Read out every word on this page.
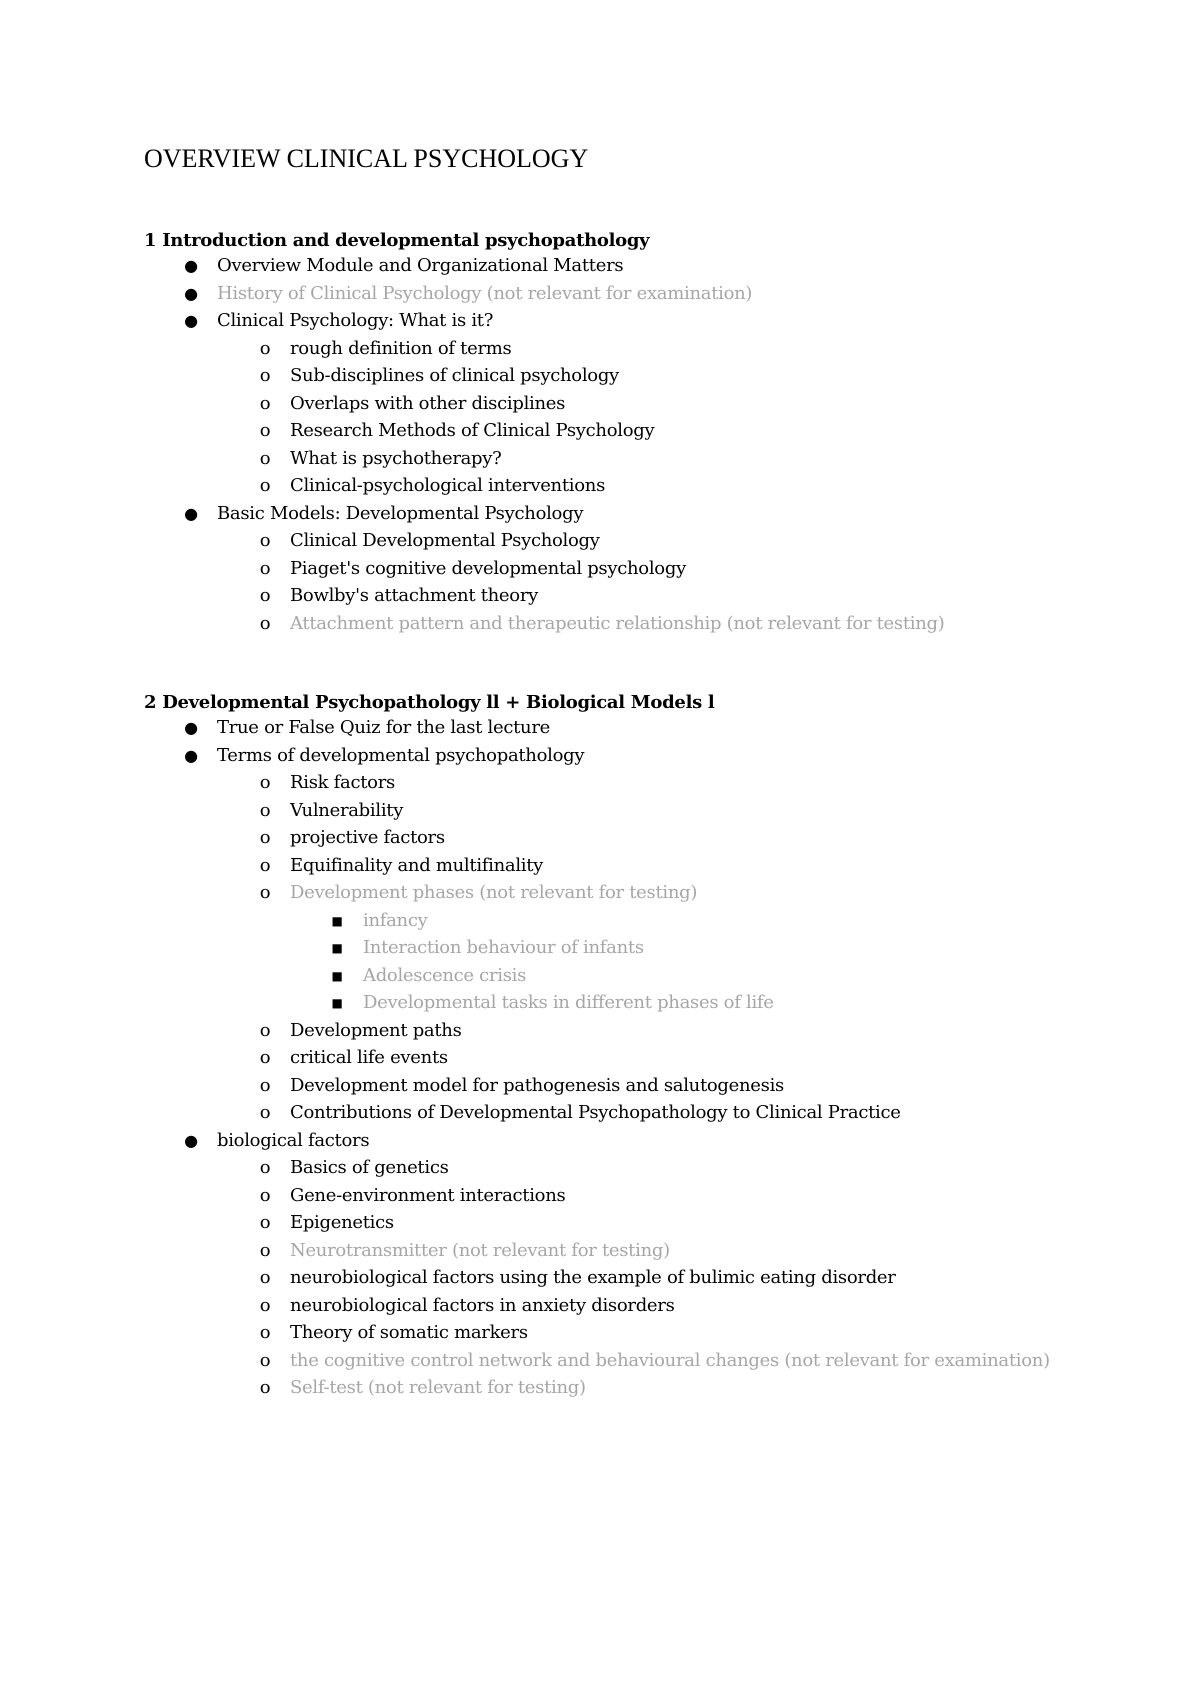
OVERVIEW CLINICAL PSYCHOLOGY
1 Introduction and developmental psychopathology
● Overview Module and Organizational Matters
● History of Clinical Psychology (not relevant for examination)
● Clinical Psychology: What is it?
o rough definition of terms
o Sub-disciplines of clinical psychology
o Overlaps with other disciplines
o Research Methods of Clinical Psychology
o What is psychotherapy?
o Clinical-psychological interventions
● Basic Models: Developmental Psychology
o Clinical Developmental Psychology
o Piaget's cognitive developmental psychology
o Bowlby's attachment theory
o Attachment pattern and therapeutic relationship (not relevant for testing)
2 Developmental Psychopathology ll + Biological Models l
● True or False Quiz for the last lecture
● Terms of developmental psychopathology
o Risk factors
o Vulnerability
o projective factors
o Equifinality and multifinality
o Development phases (not relevant for testing)
■ infancy
■ Interaction behaviour of infants
■ Adolescence crisis
■ Developmental tasks in different phases of life
o Development paths
o critical life events
o Development model for pathogenesis and salutogenesis
o Contributions of Developmental Psychopathology to Clinical Practice
● biological factors
o Basics of genetics
o Gene-environment interactions
o Epigenetics
o Neurotransmitter (not relevant for testing)
o neurobiological factors using the example of bulimic eating disorder
o neurobiological factors in anxiety disorders
o Theory of somatic markers
o the cognitive control network and behavioural changes (not relevant for examination)
o Self-test (not relevant for testing)
